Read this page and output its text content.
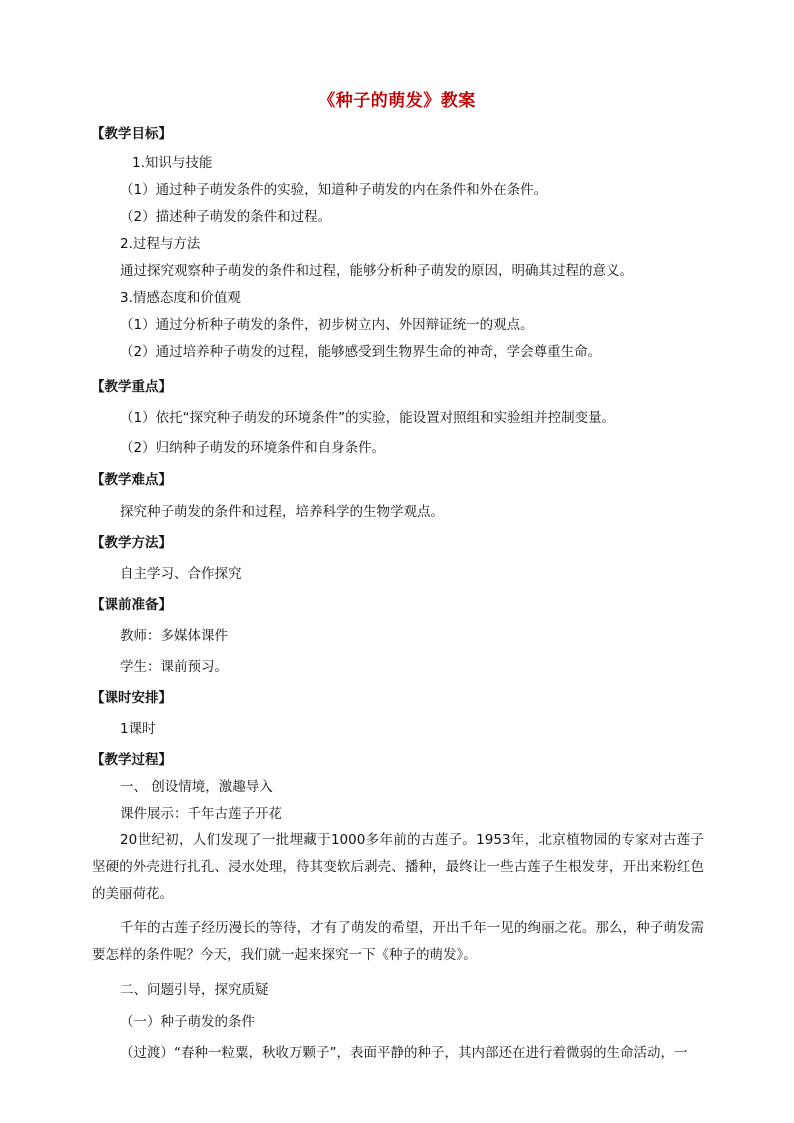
《种子的萌发》教案
【教学目标】
1.知识与技能
（1）通过种子萌发条件的实验，知道种子萌发的内在条件和外在条件。
（2）描述种子萌发的条件和过程。
2.过程与方法
通过探究观察种子萌发的条件和过程，能够分析种子萌发的原因，明确其过程的意义。
3.情感态度和价值观
（1）通过分析种子萌发的条件，初步树立内、外因辩证统一的观点。
（2）通过培养种子萌发的过程，能够感受到生物界生命的神奇，学会尊重生命。
【教学重点】
（1）依托“探究种子萌发的环境条件”的实验，能设置对照组和实验组并控制变量。
（2）归纳种子萌发的环境条件和自身条件。
【教学难点】
探究种子萌发的条件和过程，培养科学的生物学观点。
【教学方法】
自主学习、合作探究
【课前准备】
教师：多媒体课件
学生：课前预习。
【课时安排】
1课时
【教学过程】
一、 创设情境，激趣导入
课件展示：千年古莲子开花
20世纪初，人们发现了一批埋藏于1000多年前的古莲子。1953年，北京植物园的专家对古莲子坚硬的外壳进行扎孔、浸水处理，待其变软后剥壳、播种，最终让一些古莲子生根发芽，开出来粉红色的美丽荷花。
千年的古莲子经历漫长的等待，才有了萌发的希望，开出千年一见的绚丽之花。那么，种子萌发需要怎样的条件呢？今天，我们就一起来探究一下《种子的萌发》。
二、问题引导，探究质疑
（一）种子萌发的条件
（过渡）“春种一粒粟，秋收万颗子”，表面平静的种子，其内部还在进行着微弱的生命活动，一
